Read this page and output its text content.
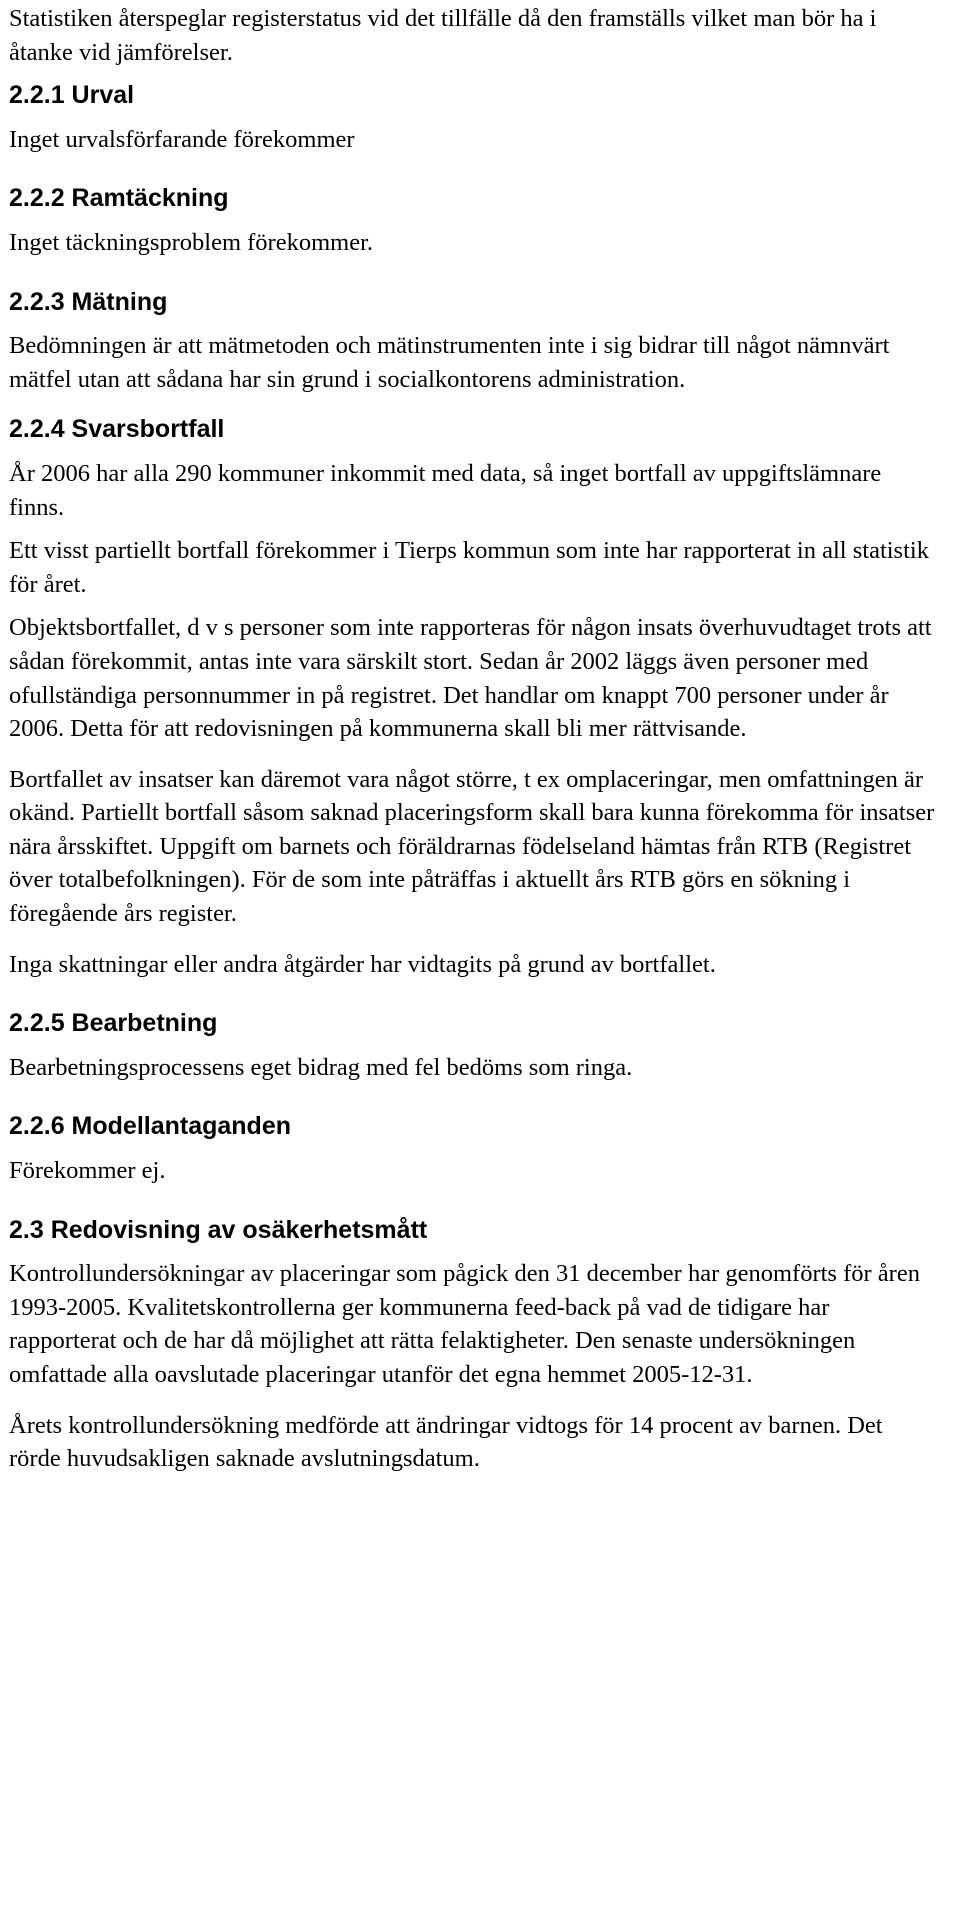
Statistiken återspeglar registerstatus vid det tillfälle då den framställs vilket man bör ha i åtanke vid jämförelser.

2.2.1 Urval

Inget urvalsförfarande förekommer

2.2.2 Ramtäckning

Inget täckningsproblem förekommer.

2.2.3 Mätning

Bedömningen är att mätmetoden och mätinstrumenten inte i sig bidrar till något nämnvärt mätfel utan att sådana har sin grund i socialkontorens administration.

2.2.4 Svarsbortfall

År 2006 har alla 290 kommuner inkommit med data, så inget bortfall av uppgiftslämnare finns.

Ett visst partiellt bortfall förekommer i Tierps kommun som inte har rapporterat in all statistik för året.

Objektsbortfallet, d v s personer som inte rapporteras för någon insats överhuvudtaget trots att sådan förekommit, antas inte vara särskilt stort. Sedan år 2002 läggs även personer med ofullständiga personnummer in på registret. Det handlar om knappt 700 personer under år 2006. Detta för att redovisningen på kommunerna skall bli mer rättvisande.

Bortfallet av insatser kan däremot vara något större, t ex omplaceringar, men omfattningen är okänd. Partiellt bortfall såsom saknad placeringsform skall bara kunna förekomma för insatser nära årsskiftet. Uppgift om barnets och föräldrarnas födelseland hämtas från RTB (Registret över totalbefolkningen). För de som inte påträffas i aktuellt års RTB görs en sökning i föregående års register.

Inga skattningar eller andra åtgärder har vidtagits på grund av bortfallet.

2.2.5 Bearbetning

Bearbetningsprocessens eget bidrag med fel bedöms som ringa.

2.2.6 Modellantaganden

Förekommer ej.

2.3 Redovisning av osäkerhetsmått

Kontrollundersökningar av placeringar som pågick den 31 december har genomförts för åren 1993-2005. Kvalitetskontrollerna ger kommunerna feed-back på vad de tidigare har rapporterat och de har då möjlighet att rätta felaktigheter. Den senaste undersökningen omfattade alla oavslutade placeringar utanför det egna hemmet 2005-12-31.

Årets kontrollundersökning medförde att ändringar vidtogs för 14 procent av barnen. Det rörde huvudsakligen saknade avslutningsdatum.
